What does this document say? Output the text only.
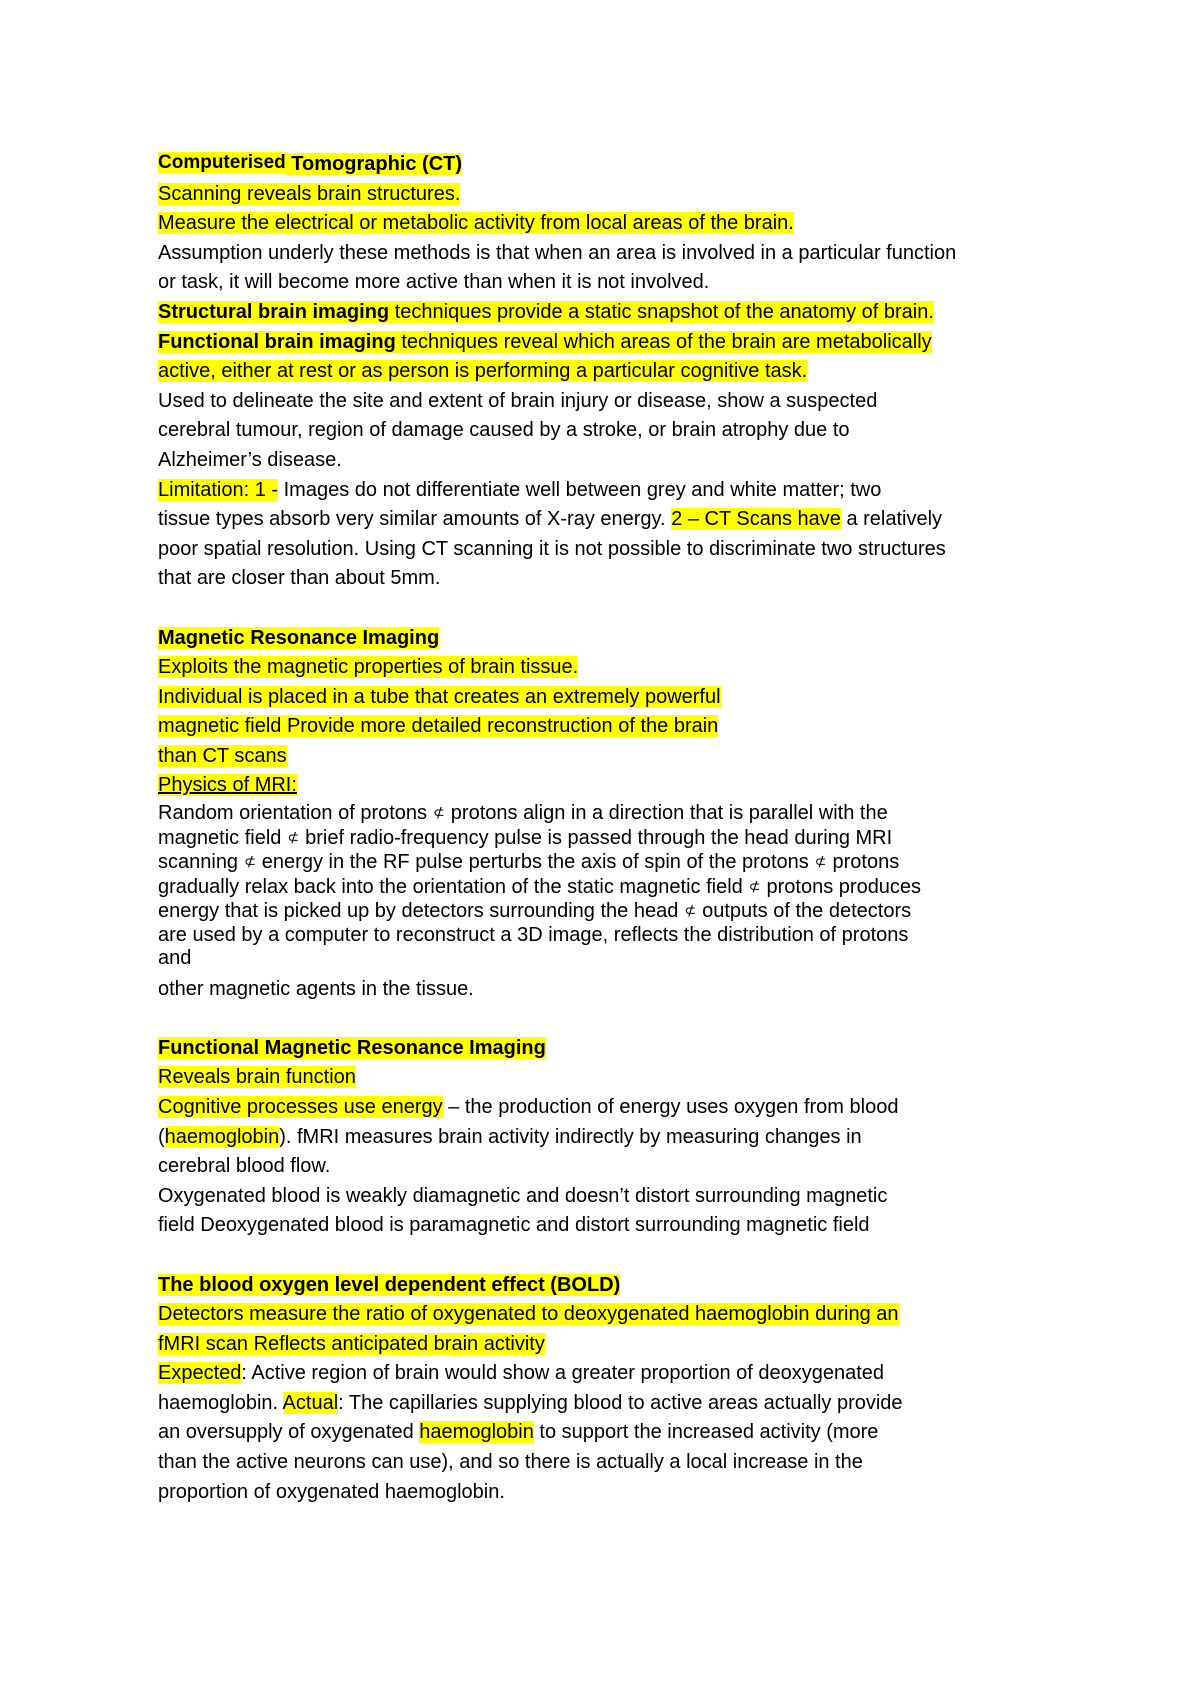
Computerised Tomographic (CT)
Scanning reveals brain structures.
Measure the electrical or metabolic activity from local areas of the brain.
Assumption underly these methods is that when an area is involved in a particular function
or task, it will become more active than when it is not involved.
Structural brain imaging techniques provide a static snapshot of the anatomy of brain.
Functional brain imaging techniques reveal which areas of the brain are metabolically
active, either at rest or as person is performing a particular cognitive task.
Used to delineate the site and extent of brain injury or disease, show a suspected
cerebral tumour, region of damage caused by a stroke, or brain atrophy due to
Alzheimer’s disease.
Limitation: 1 - Images do not differentiate well between grey and white matter; two
tissue types absorb very similar amounts of X-ray energy. 2 – CT Scans have a relatively
poor spatial resolution. Using CT scanning it is not possible to discriminate two structures
that are closer than about 5mm.
Magnetic Resonance Imaging
Exploits the magnetic properties of brain tissue.
Individual is placed in a tube that creates an extremely powerful
magnetic field Provide more detailed reconstruction of the brain
than CT scans
Physics of MRI:
Random orientation of protons ⊄ protons align in a direction that is parallel with the
magnetic field ⊄ brief radio-frequency pulse is passed through the head during MRI
scanning ⊄ energy in the RF pulse perturbs the axis of spin of the protons ⊄ protons
gradually relax back into the orientation of the static magnetic field ⊄ protons produces
energy that is picked up by detectors surrounding the head ⊄ outputs of the detectors
are used by a computer to reconstruct a 3D image, reflects the distribution of protons
and
other magnetic agents in the tissue.
Functional Magnetic Resonance Imaging
Reveals brain function
Cognitive processes use energy – the production of energy uses oxygen from blood
(haemoglobin). fMRI measures brain activity indirectly by measuring changes in
cerebral blood flow.
Oxygenated blood is weakly diamagnetic and doesn’t distort surrounding magnetic
field Deoxygenated blood is paramagnetic and distort surrounding magnetic field
The blood oxygen level dependent effect (BOLD)
Detectors measure the ratio of oxygenated to deoxygenated haemoglobin during an
fMRI scan Reflects anticipated brain activity
Expected: Active region of brain would show a greater proportion of deoxygenated
haemoglobin. Actual: The capillaries supplying blood to active areas actually provide
an oversupply of oxygenated haemoglobin to support the increased activity (more
than the active neurons can use), and so there is actually a local increase in the
proportion of oxygenated haemoglobin.
